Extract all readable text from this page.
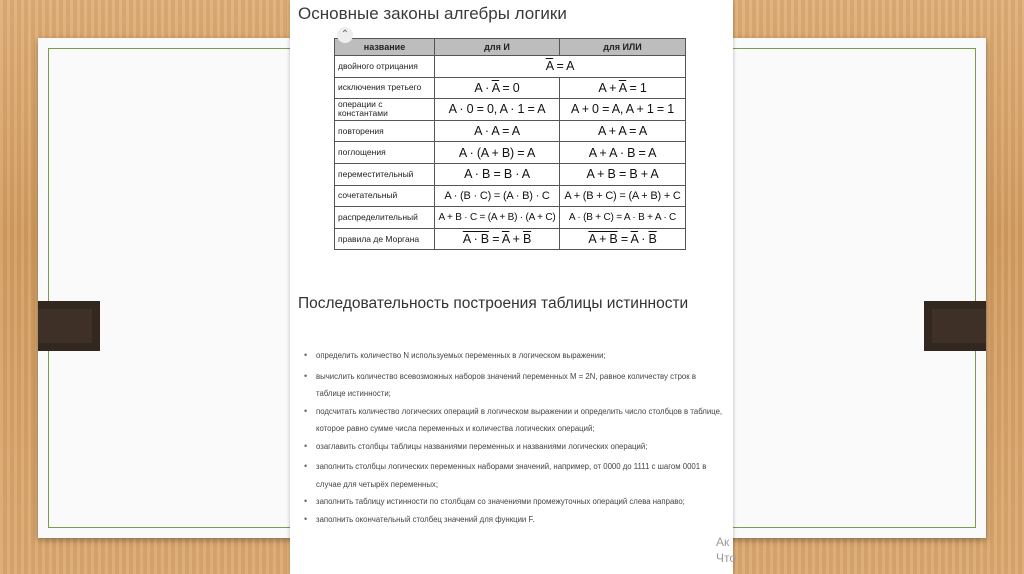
Основные законы алгебры логики
название	для И	для ИЛИ
двойного отрицания	$\overline{A} = A$	
исключения третьего	$A \cdot \overline{A} = 0$	$A + \overline{A} = 1$
операции с константами	A · 0 = 0, A · 1 = A	A + 0 = A, A + 1 = 1
повторения	A · A = A	A + A = A
поглощения	A · (A + B) = A	A + A · B = A
переместительный	A · B = B · A	A + B = B + A
сочетательный	A · (B · C) = (A · B) · C	A + (B + C) = (A + B) + C
распределительный	A + B · C = (A + B) · (A + C)	A · (B + C) = A · B + A · C
правила де Моргана	$A \cdot B = \overline{A} + \overline{B}$	$A + B = \overline{A} \cdot \overline{B}$
⌃
Последовательность построения таблицы истинности
• определить количество N используемых переменных в логическом выражении;
• вычислить количество всевозможных наборов значений переменных M = 2N, равное количеству строк в таблице истинности;
• подсчитать количество логических операций в логическом выражении и определить число столбцов в таблице, которое равно сумме числа переменных и количества логических операций;
• озаглавить столбцы таблицы названиями переменных и названиями логических операций;
• заполнить столбцы логических переменных наборами значений, например, от 0000 до 1111 с шагом 0001 в случае для четырёх переменных;
• заполнить таблицу истинности по столбцам со значениями промежуточных операций слева направо;
• заполнить окончательный столбец значений для функции F.
Ак
Что
